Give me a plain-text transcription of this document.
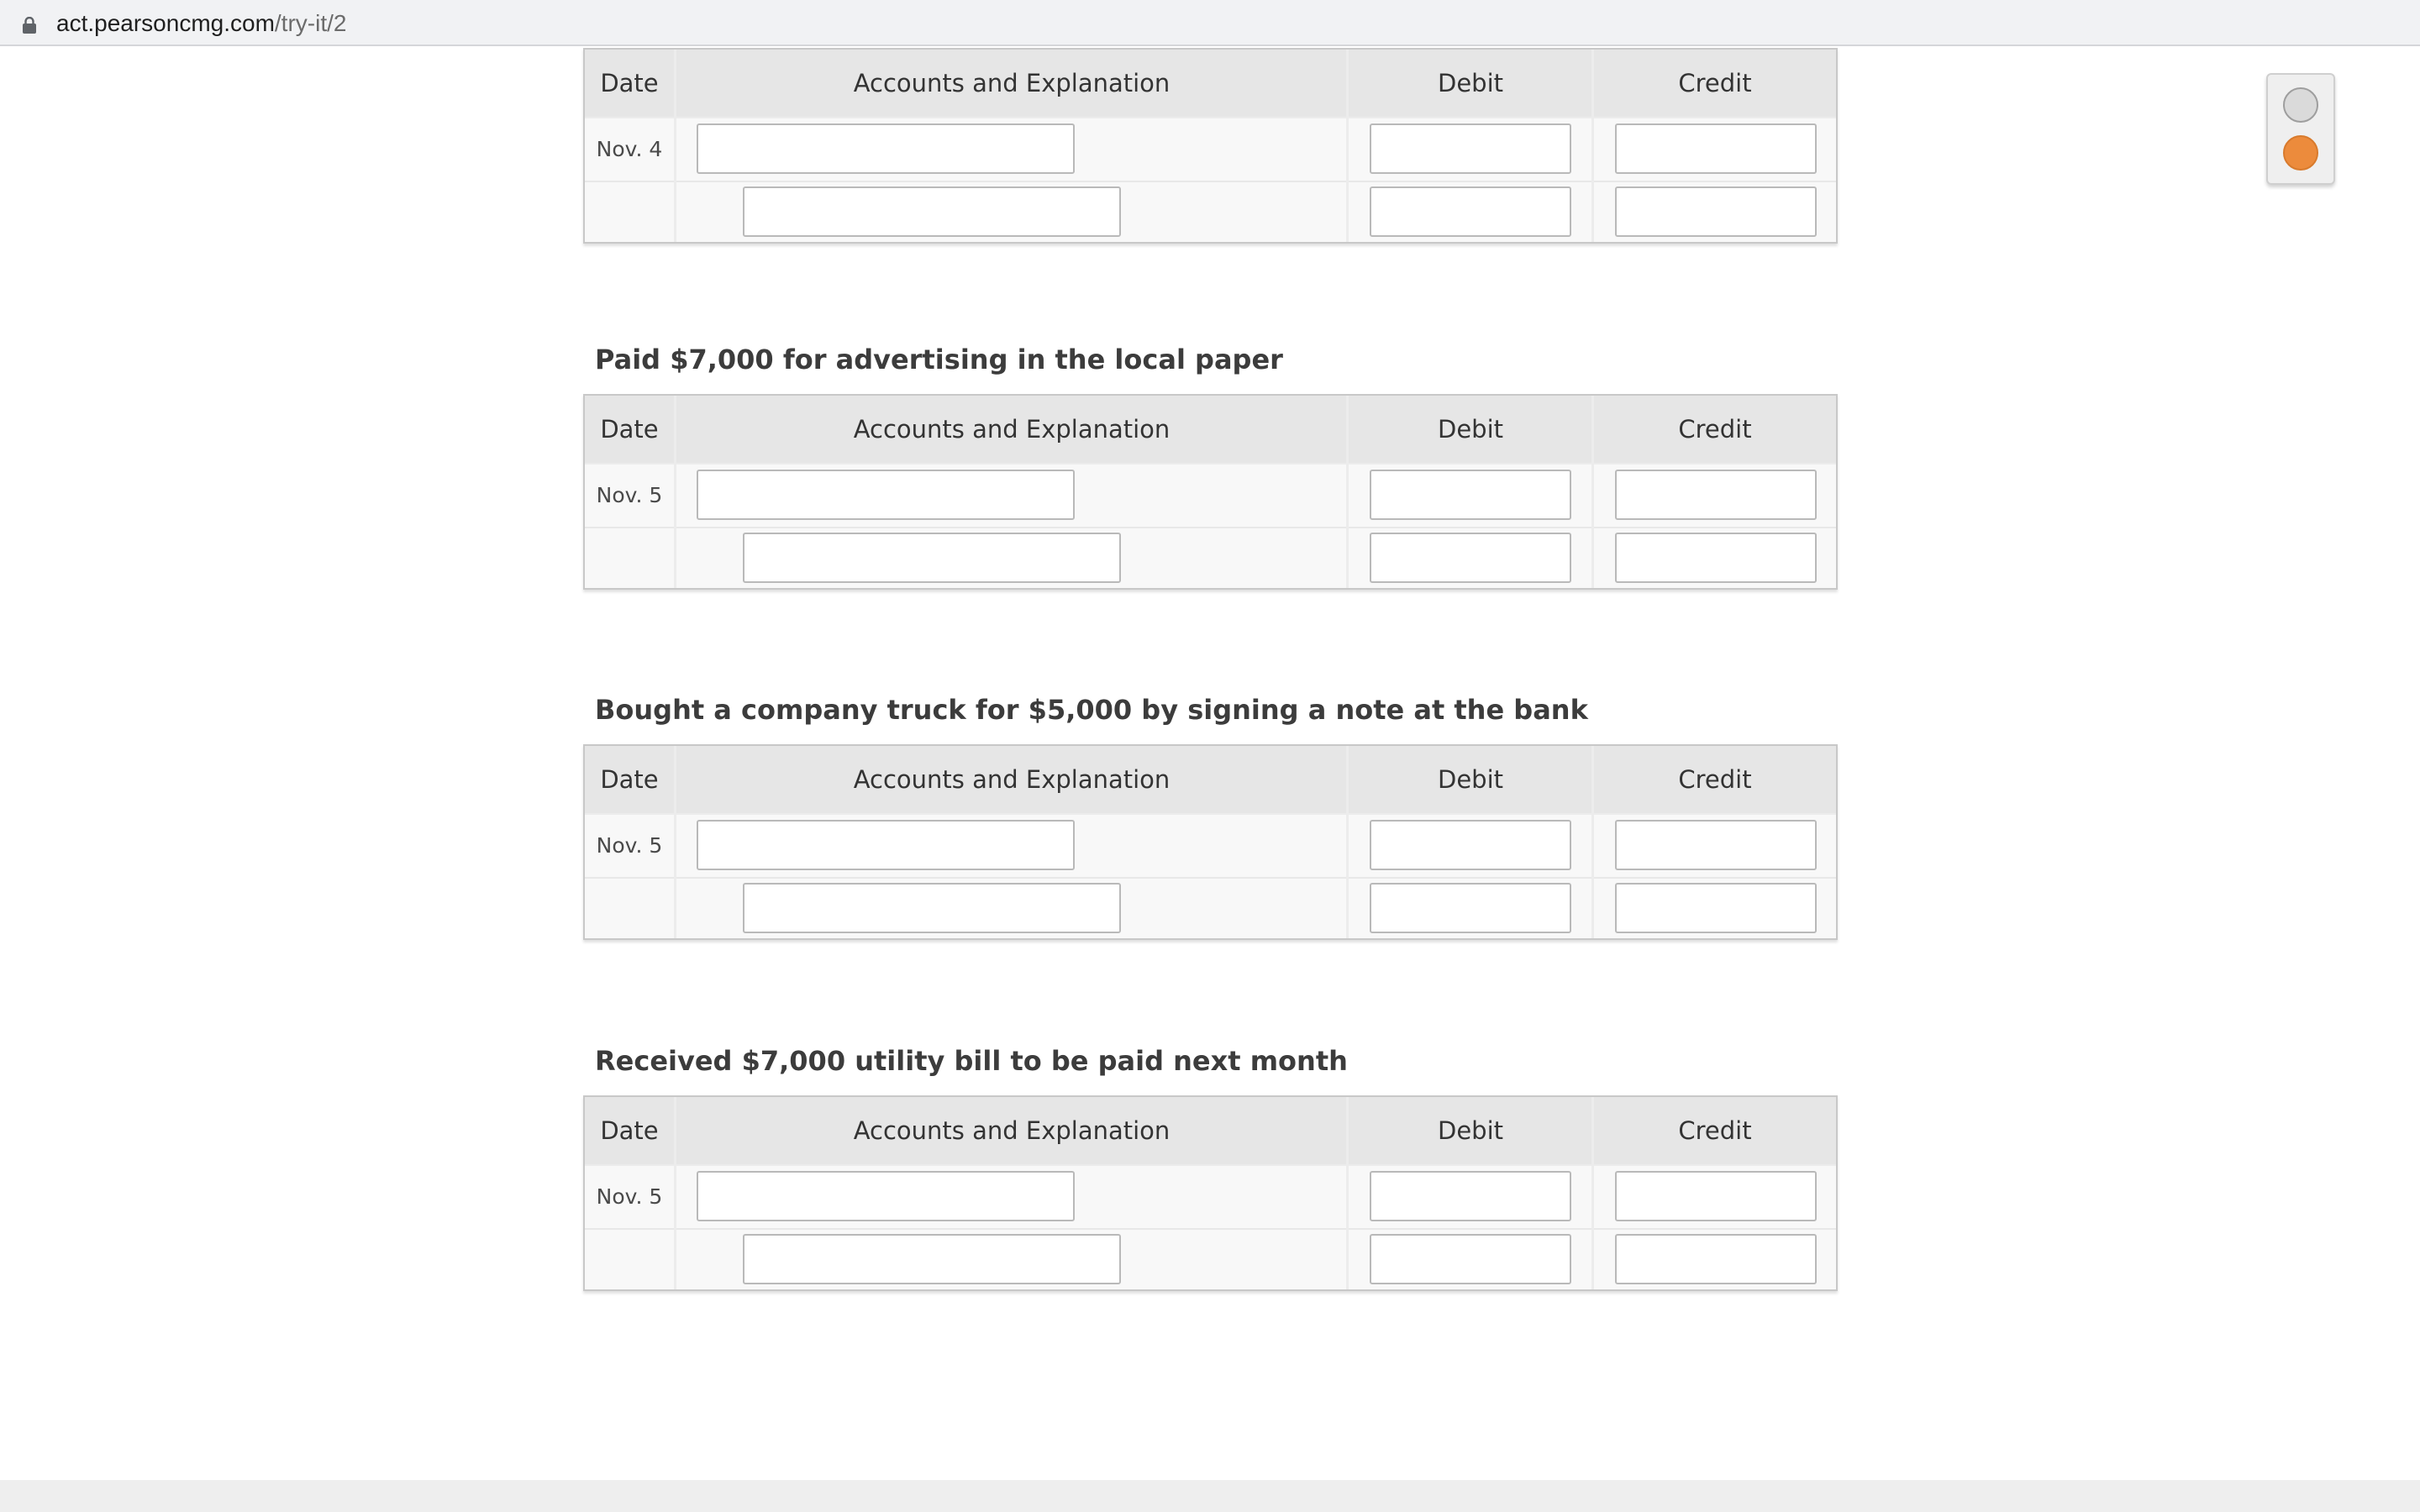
act.pearsoncmg.com/try-it/2
Date	Accounts and Explanation	Debit	Credit
Nov. 4
Paid $7,000 for advertising in the local paper
Date	Accounts and Explanation	Debit	Credit
Nov. 5
Bought a company truck for $5,000 by signing a note at the bank
Date	Accounts and Explanation	Debit	Credit
Nov. 5
Received $7,000 utility bill to be paid next month
Date	Accounts and Explanation	Debit	Credit
Nov. 5
